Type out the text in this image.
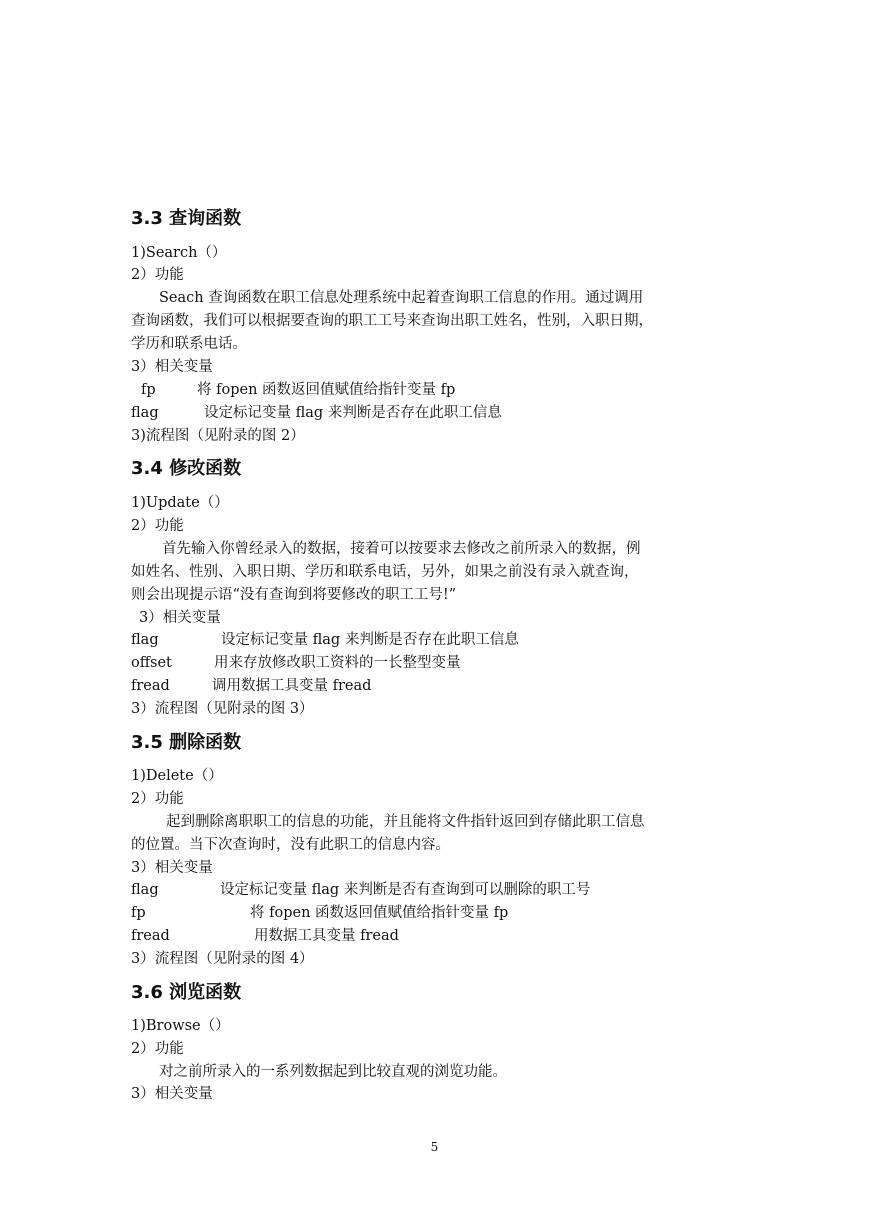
3.3 查询函数
1)Search（）
2）功能
Seach 查询函数在职工信息处理系统中起着查询职工信息的作用。通过调用
查询函数，我们可以根据要查询的职工工号来查询出职工姓名，性别，入职日期，
学历和联系电话。
3）相关变量
fp	将 fopen 函数返回值赋值给指针变量 fp
flag	设定标记变量 flag 来判断是否存在此职工信息
3)流程图（见附录的图 2）
3.4 修改函数
1)Update（）
2）功能
首先输入你曾经录入的数据，接着可以按要求去修改之前所录入的数据，例
如姓名、性别、入职日期、学历和联系电话，另外，如果之前没有录入就查询，
则会出现提示语“没有查询到将要修改的职工工号!”
3）相关变量
flag	设定标记变量 flag 来判断是否存在此职工信息
offset	用来存放修改职工资料的一长整型变量
fread	调用数据工具变量 fread
3）流程图（见附录的图 3）
3.5 删除函数
1)Delete（）
2）功能
起到删除离职职工的信息的功能，并且能将文件指针返回到存储此职工信息
的位置。当下次查询时，没有此职工的信息内容。
3）相关变量
flag	设定标记变量 flag 来判断是否有查询到可以删除的职工号
fp	将 fopen 函数返回值赋值给指针变量 fp
fread	用数据工具变量 fread
3）流程图（见附录的图 4）
3.6 浏览函数
1)Browse（）
2）功能
对之前所录入的一系列数据起到比较直观的浏览功能。
3）相关变量
5
